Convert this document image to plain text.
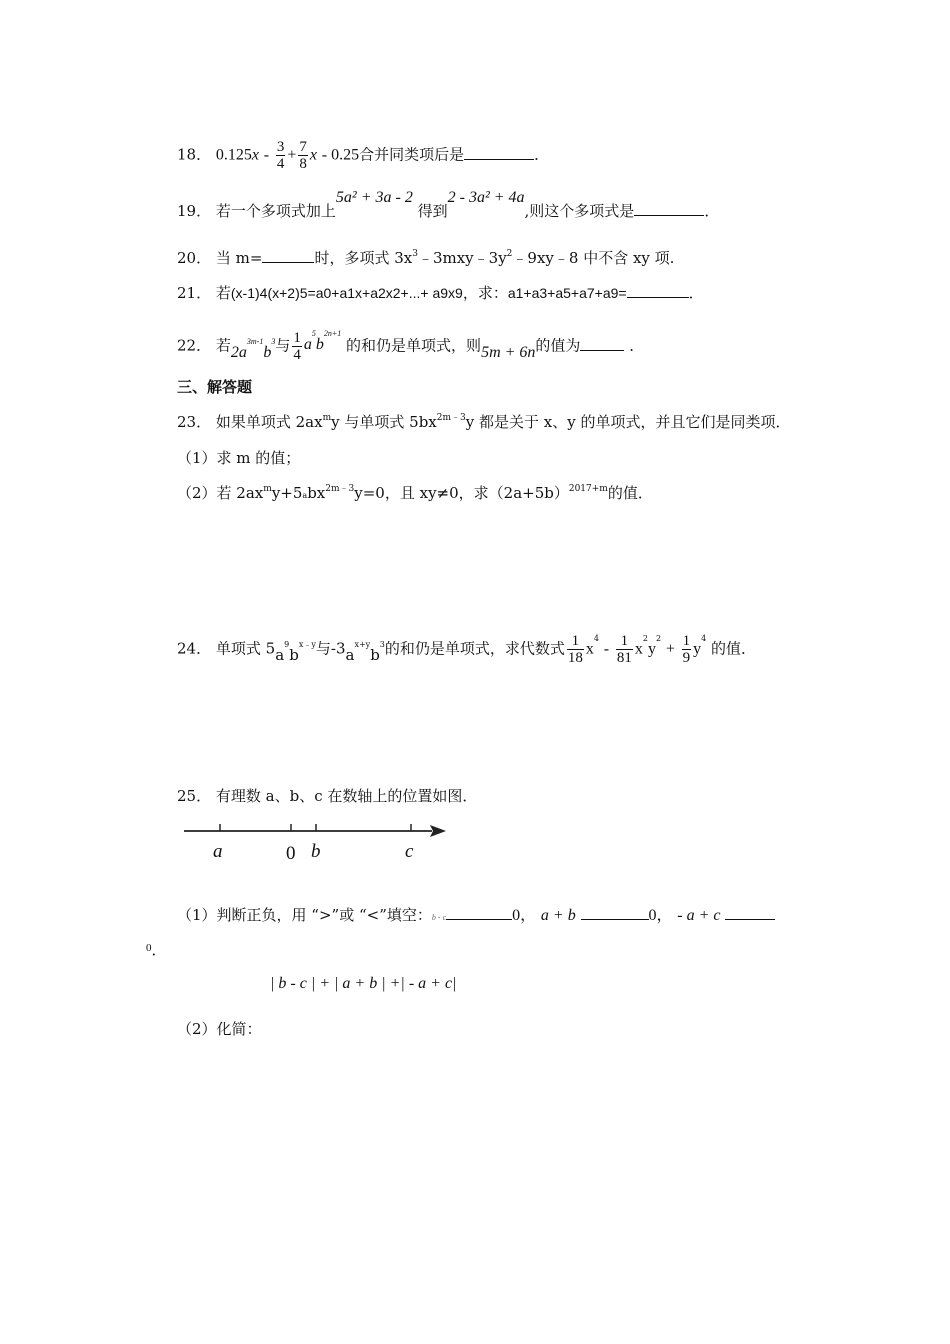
18． $0.125x - \frac{3}{4} + \frac{7}{8}$ x - 0.25合并同类项后是	．
19． 若一个多项式加上5a² + 3a - 2 得到2 - 3a² + 4a,则这个多项式是	．
20． 当 m=	时，多项式 $3x^3﹣3mxy﹣3y^2﹣9xy﹣8$ 中不含 xy 项.
21． 若(x-1)4(x+2)5=a0+a1x+a2x2+...+ a9x9，求：a1+a3+a5+a7+a9=	．
22． 若$2a^{3m-1}b^3$与 $\frac{1}{4} a^5b^{2n+1}$ 的和仍是单项式，则5m + 6n的值为	．
三、解答题
23． 如果单项式 $2ax^my$ 与单项式 $5bx^{2m﹣3}y$ 都是关于 x、y 的单项式，并且它们是同类项．
（1）求 m 的值；
（2）若 $2ax^my+5abx^{2m﹣3}y=0$，且 xy≠0，求$(2a+5b)^{2017+m}$的值．
24． 单项式 $5a^9b^{x﹣y}$与$-3a^{x+y}b^3$的和仍是单项式，求代数式 $\frac{1}{18} x^4 - \frac{1}{81} x^2y^2 + \frac{1}{9} y^4$ 的值．
25． 有理数 a、b、c 在数轴上的位置如图．
a	0 b	c
（1）判断正负，用 “>”或 “<”填空：b - c	0， a + b	0， - a + c
$^0$．
（2）化简：
| b - c | + | a + b | +| - a + c|
